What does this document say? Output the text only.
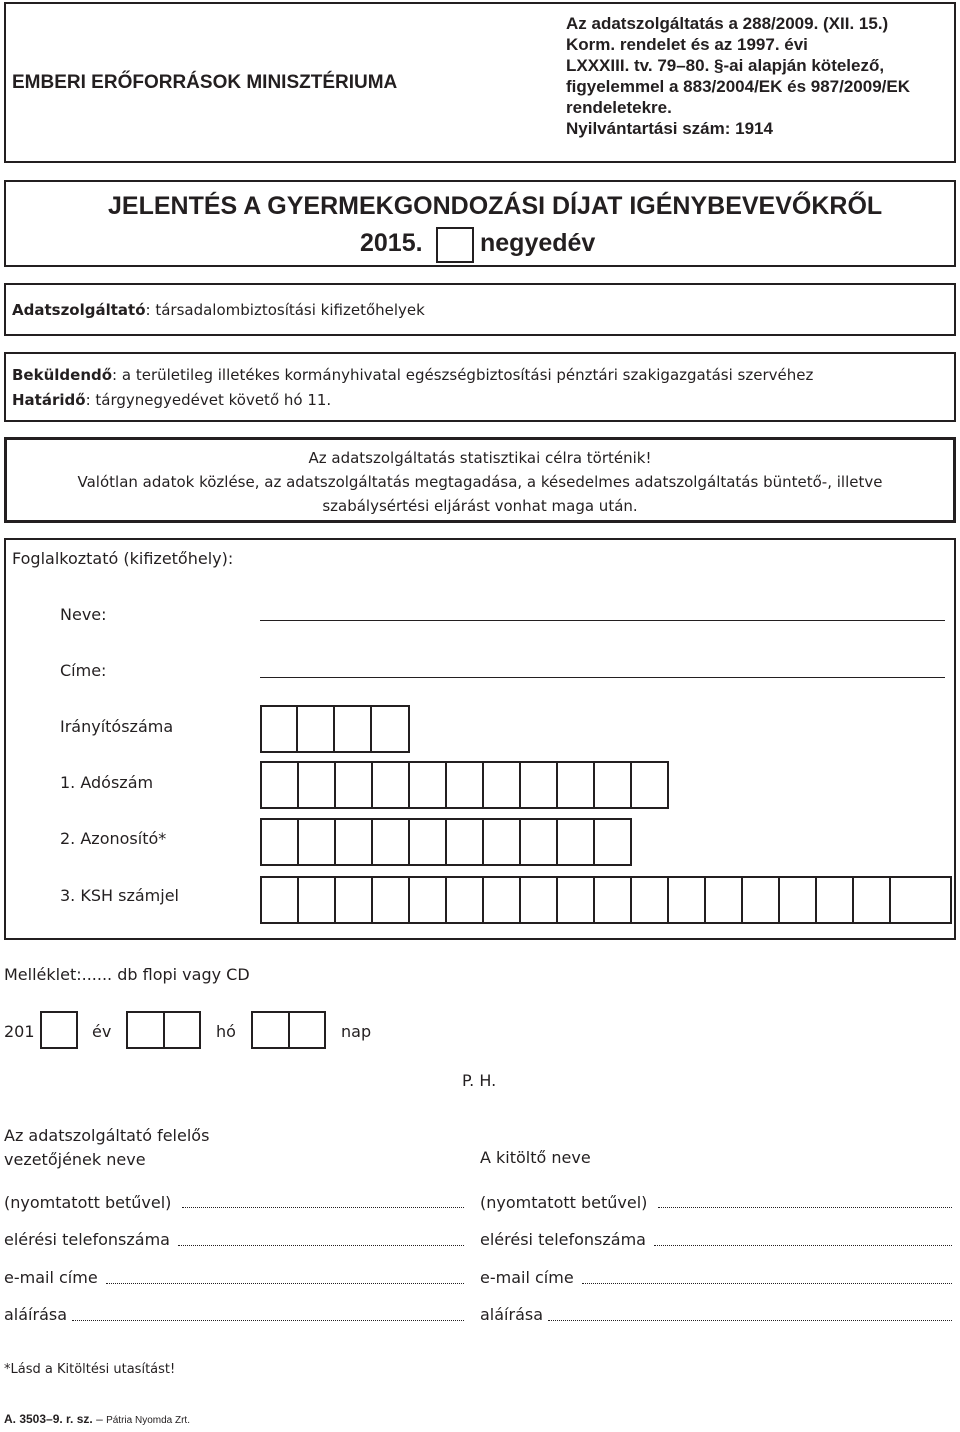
EMBERI ERŐFORRÁSOK MINISZTÉRIUMA
Az adatszolgáltatás a 288/2009. (XII. 15.)
Korm. rendelet és az 1997. évi
LXXXIII. tv. 79–80. §-ai alapján kötelező,
figyelemmel a 883/2004/EK és 987/2009/EK
rendeletekre.
Nyilvántartási szám: 1914
JELENTÉS A GYERMEKGONDOZÁSI DÍJAT IGÉNYBEVEVŐKRŐL
2015. negyedév
Adatszolgáltató: társadalombiztosítási kifizetőhelyek
Beküldendő: a területileg illetékes kormányhivatal egészségbiztosítási pénztári szakigazgatási szervéhez
Határidő: tárgynegyedévet követő hó 11.
Az adatszolgáltatás statisztikai célra történik!
Valótlan adatok közlése, az adatszolgáltatás megtagadása, a késedelmes adatszolgáltatás büntető-, illetve
szabálysértési eljárást vonhat maga után.
Foglalkoztató (kifizetőhely):
Neve:
Címe:
Irányítószáma
1. Adószám
2. Azonosító*
3. KSH számjel
Melléklet:...... db flopi vagy CD
201	év	hó	nap
P. H.
Az adatszolgáltató felelős
vezetőjének neve
(nyomtatott betűvel)
elérési telefonszáma
e-mail címe
aláírása
A kitöltő neve
(nyomtatott betűvel)
elérési telefonszáma
e-mail címe
aláírása
*Lásd a Kitöltési utasítást!
A. 3503–9. r. sz. – Pátria Nyomda Zrt.
